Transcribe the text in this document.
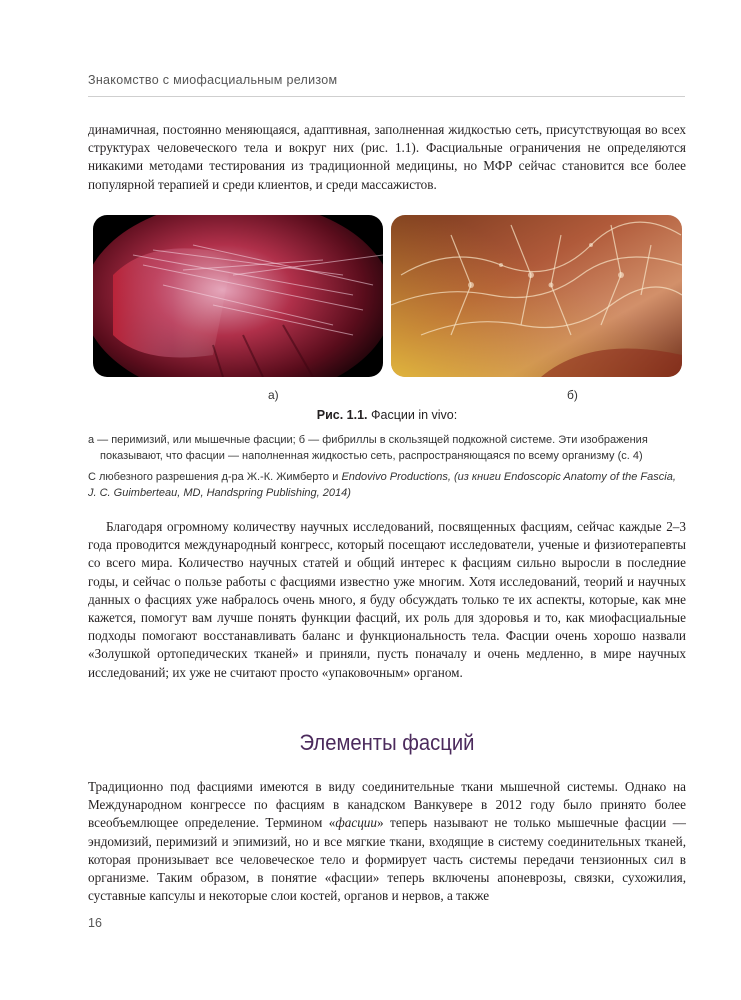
Знакомство с миофасциальным релизом

динамичная, постоянно меняющаяся, адаптивная, заполненная жидкостью сеть, присутствующая во всех структурах человеческого тела и вокруг них (рис. 1.1). Фасциальные ограничения не определяются никакими методами тестирования из традиционной медицины, но МФР сейчас становится все более популярной терапией и среди клиентов, и среди массажистов.

а)	б)
Рис. 1.1. Фасции in vivo:

а — перимизий, или мышечные фасции; б — фибриллы в скользящей подкожной системе. Эти изображения
показывают, что фасции — наполненная жидкостью сеть, распространяющаяся по всему организму (с. 4)

С любезного разрешения д-ра Ж.-К. Жимберто и Endovivo Productions, (из книги Endoscopic Anatomy of the Fascia, J. C. Guimberteau, MD, Handspring Publishing, 2014)

Благодаря огромному количеству научных исследований, посвященных фасциям, сейчас каждые 2–3 года проводится международный конгресс, который посещают исследователи, ученые и физиотерапевты со всего мира. Количество научных статей и общий интерес к фасциям сильно выросли в последние годы, и сейчас о пользе работы с фасциями известно уже многим. Хотя исследований, теорий и научных данных о фасциях уже набралось очень много, я буду обсуждать только те их аспекты, которые, как мне кажется, помогут вам лучше понять функции фасций, их роль для здоровья и то, как миофасциальные подходы помогают восстанавливать баланс и функциональность тела. Фасции очень хорошо назвали «Золушкой ортопедических тканей» и приняли, пусть поначалу и очень медленно, в мире научных исследований; их уже не считают просто «упаковочным» органом.

Элементы фасций

Традиционно под фасциями имеются в виду соединительные ткани мышечной системы. Однако на Международном конгрессе по фасциям в канадском Ванкувере в 2012 году было принято более всеобъемлющее определение. Термином «фасции» теперь называют не только мышечные фасции — эндомизий, перимизий и эпимизий, но и все мягкие ткани, входящие в систему соединительных тканей, которая пронизывает все человеческое тело и формирует часть системы передачи тензионных сил в организме. Таким образом, в понятие «фасции» теперь включены апоневрозы, связки, сухожилия, суставные капсулы и некоторые слои костей, органов и нервов, а также

16
